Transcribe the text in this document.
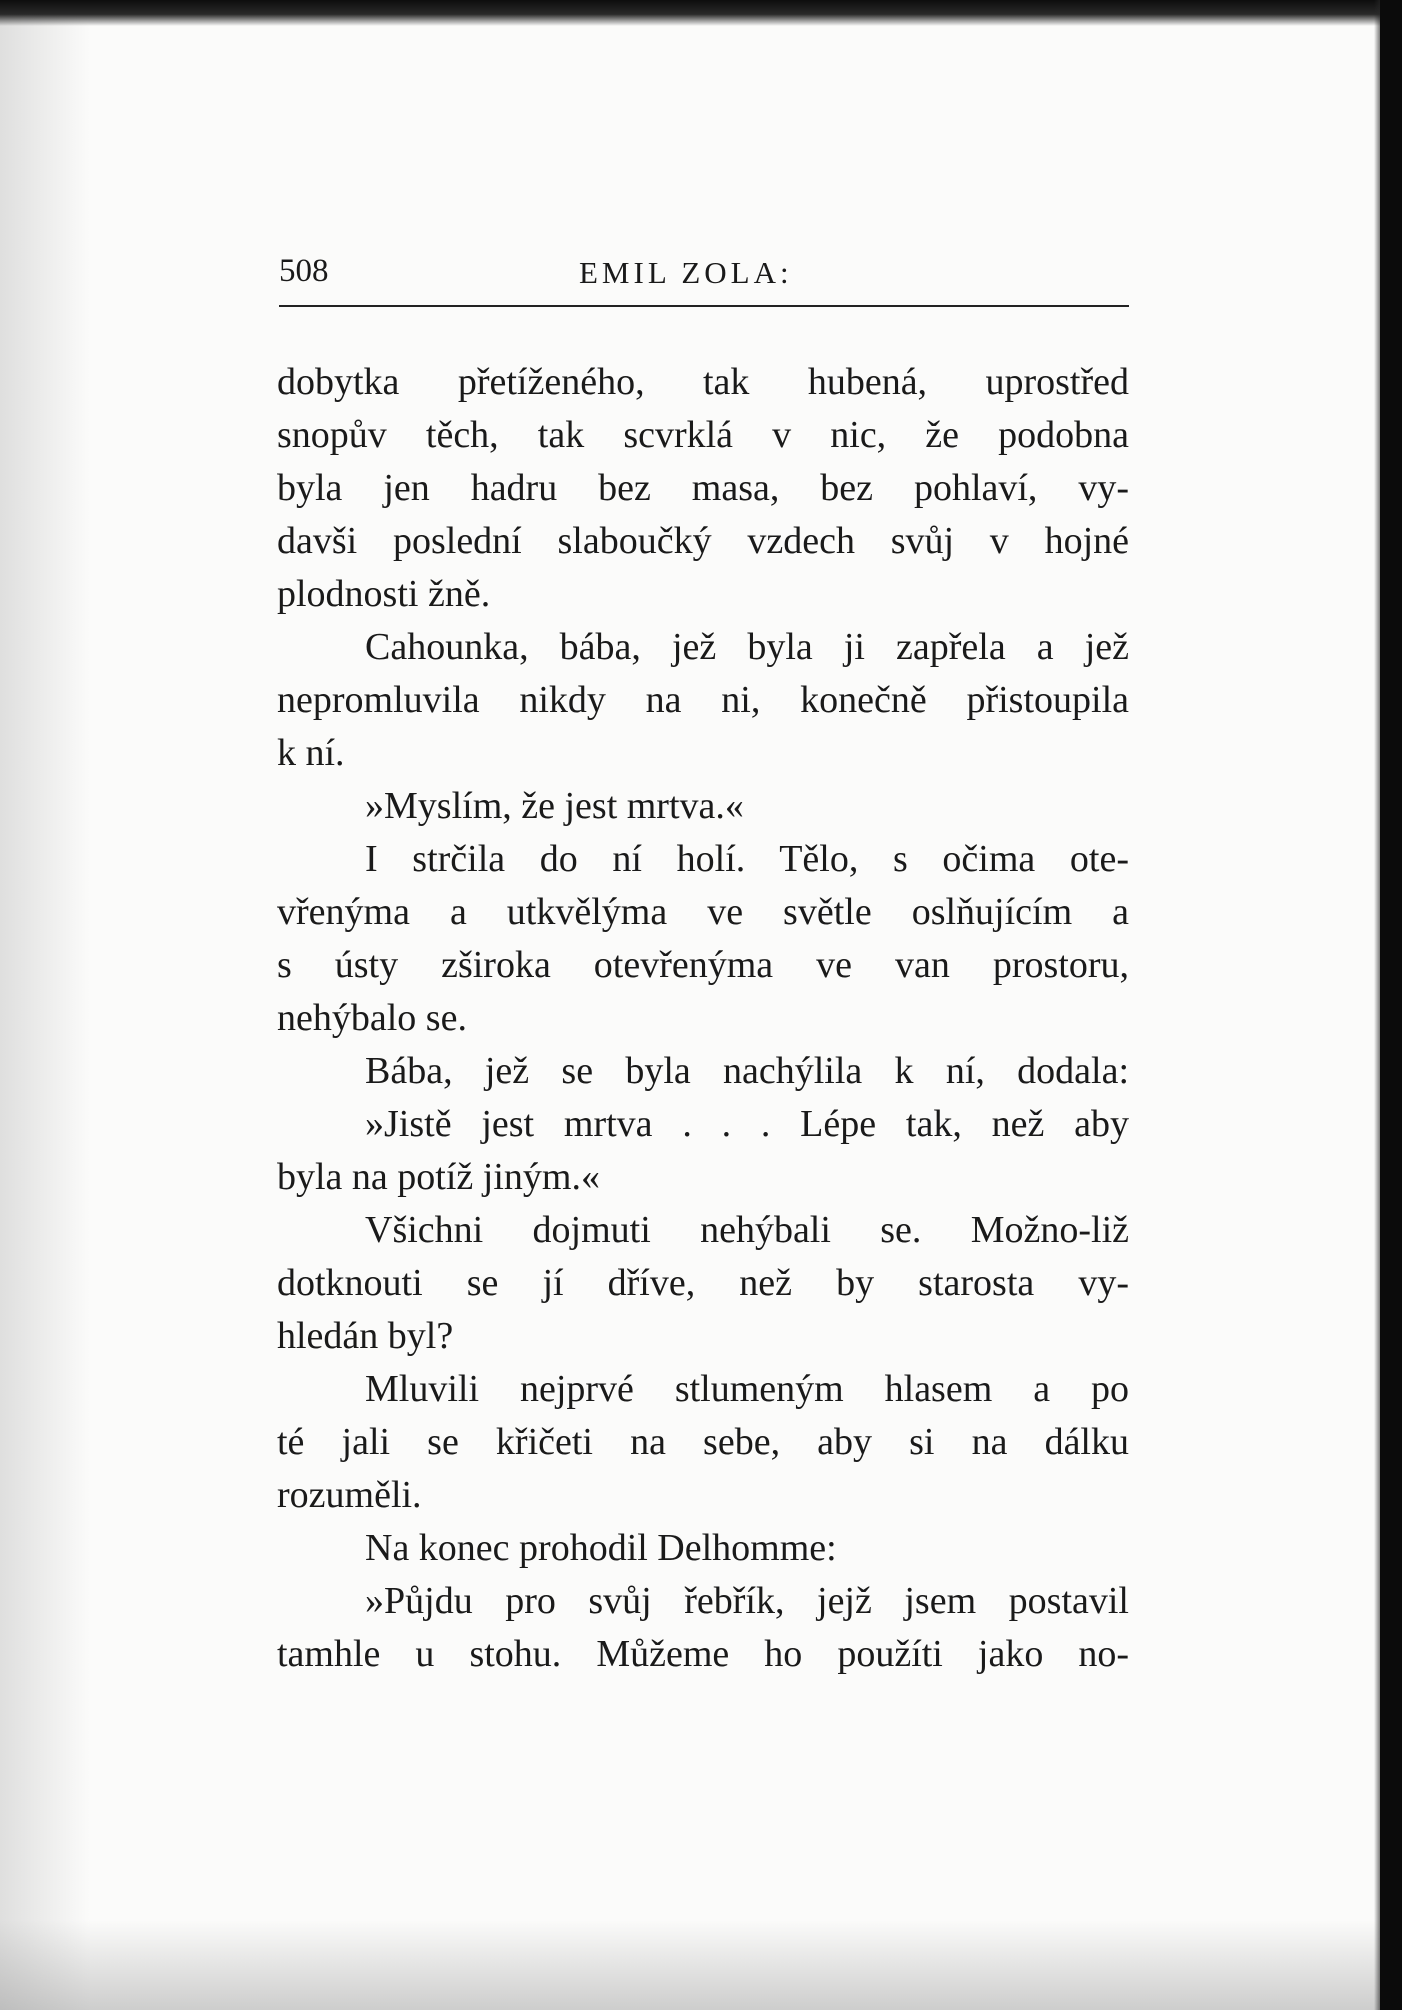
508	EMIL ZOLA:
dobytka přetíženého, tak hubená, uprostřed
snopův těch, tak scvrklá v nic, že podobna
byla jen hadru bez masa, bez pohlaví, vy-
davši poslední slaboučký vzdech svůj v hojné
plodnosti žně.
Cahounka, bába, jež byla ji zapřela a jež
nepromluvila nikdy na ni, konečně přistoupila
k ní.
»Myslím, že jest mrtva.«
I strčila do ní holí. Tělo, s očima ote-
vřenýma a utkvělýma ve světle oslňujícím a
s ústy zširoka otevřenýma ve van prostoru,
nehýbalo se.
Bába, jež se byla nachýlila k ní, dodala:
»Jistě jest mrtva . . . Lépe tak, než aby
byla na potíž jiným.«
Všichni dojmuti nehýbali se. Možno-liž
dotknouti se jí dříve, než by starosta vy-
hledán byl?
Mluvili nejprvé stlumeným hlasem a po
té jali se křičeti na sebe, aby si na dálku
rozuměli.
Na konec prohodil Delhomme:
»Půjdu pro svůj řebřík, jejž jsem postavil
tamhle u stohu. Můžeme ho použíti jako no-
